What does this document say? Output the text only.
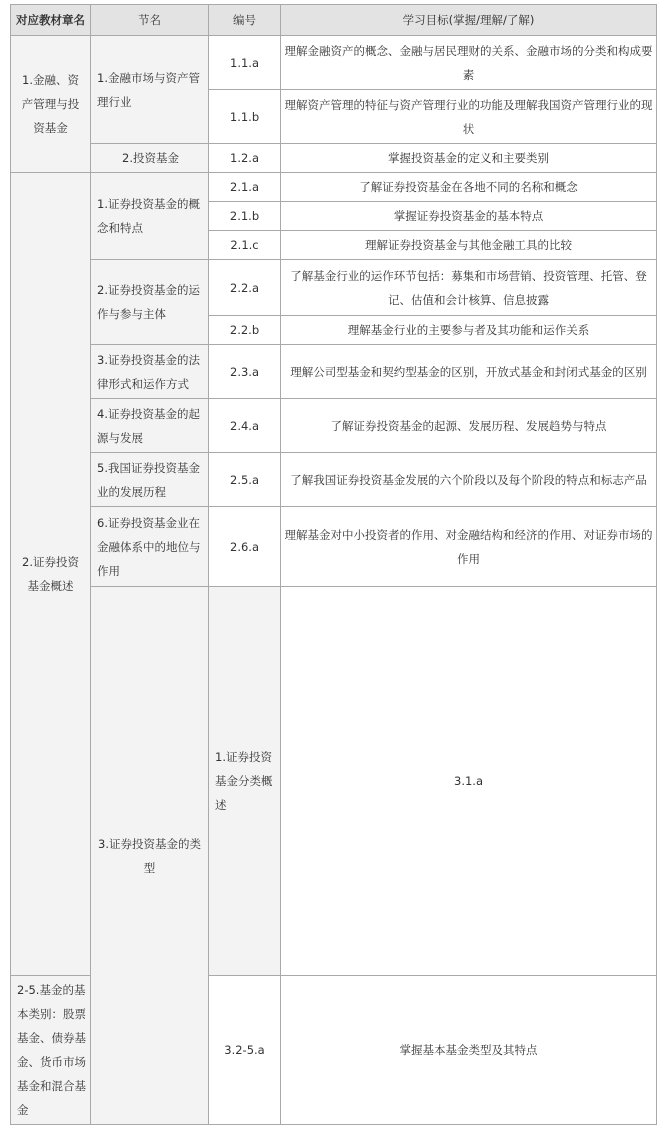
对应教材章名	节名	编号	学习目标(掌握/理解/了解)	
1.金融、资产管理与投资基金	1.金融市场与资产管理行业	1.1.a	理解金融资产的概念、金融与居民理财的关系、金融市场的分类和构成要素	
		1.1.b	理解资产管理的特征与资产管理行业的功能及理解我国资产管理行业的现状	
	2.投资基金	1.2.a	掌握投资基金的定义和主要类别	
2.证券投资基金概述	1.证券投资基金的概念和特点	2.1.a	了解证券投资基金在各地不同的名称和概念	
		2.1.b	掌握证券投资基金的基本特点	
		2.1.c	理解证券投资基金与其他金融工具的比较	
	2.证券投资基金的运作与参与主体	2.2.a	了解基金行业的运作环节包括：募集和市场营销、投资管理、托管、登记、估值和会计核算、信息披露	
		2.2.b	理解基金行业的主要参与者及其功能和运作关系	
	3.证券投资基金的法律形式和运作方式	2.3.a	理解公司型基金和契约型基金的区别，开放式基金和封闭式基金的区别	
	4.证券投资基金的起源与发展	2.4.a	了解证券投资基金的起源、发展历程、发展趋势与特点	
	5.我国证券投资基金业的发展历程	2.5.a	了解我国证券投资基金发展的六个阶段以及每个阶段的特点和标志产品	
	6.证券投资基金业在金融体系中的地位与作用	2.6.a	理解基金对中小投资者的作用、对金融结构和经济的作用、对证券市场的作用	
	3.证券投资基金的类型	1.证券投资基金分类概述	3.1.a	
2-5.基金的基本类别：股票基金、债券基金、货币市场基金和混合基金		3.2-5.a	掌握基本基金类型及其特点	
